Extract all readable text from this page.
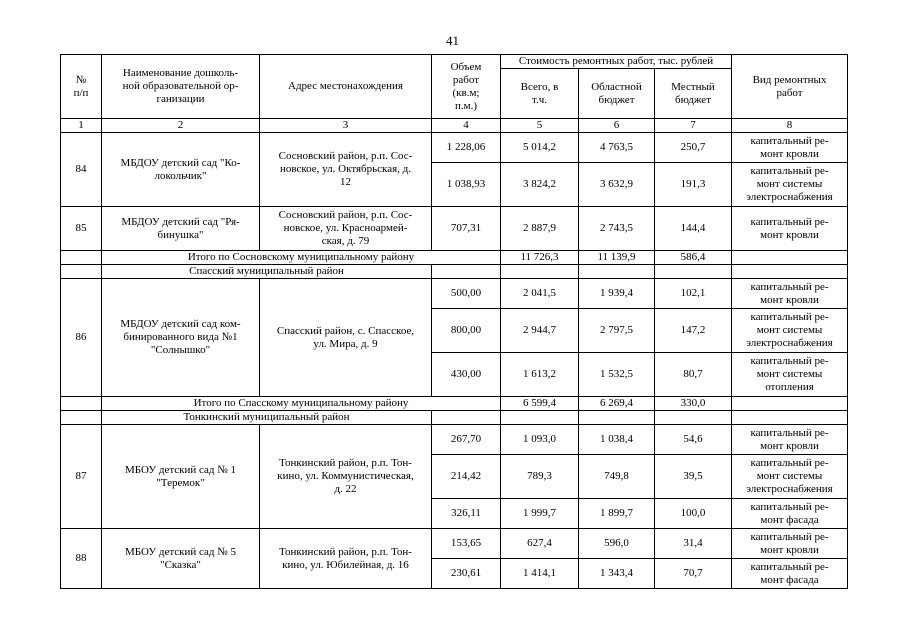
41
№
п/п	Наименование дошколь-
ной образовательной ор-
ганизации	Адрес местонахождения	Объем
работ
(кв.м;
п.м.)	Стоимость ремонтных работ, тыс. рублей			Вид ремонтных
работ
				Всего, в
т.ч.	Областной
бюджет	Местный
бюджет	
1	2	3	4	5	6	7	8
84	МБДОУ детский сад "Ко-
локольчик"	Сосновский район, р.п. Сос-
новское, ул. Октябрьская, д.
12	1 228,06	5 014,2	4 763,5	250,7	капитальный ре-
монт кровли
			1 038,93	3 824,2	3 632,9	191,3	капитальный ре-
монт системы
электроснабжения
85	МБДОУ детский сад "Ря-
бинушка"	Сосновский район, р.п. Сос-
новское, ул. Красноармей-
ская, д. 79	707,31	2 887,9	2 743,5	144,4	капитальный ре-
монт кровли
	Итого по Сосновскому муниципальному району			11 726,3	11 139,9	586,4	
	Спасский муниципальный район						
86	МБДОУ детский сад ком-
бинированного вида №1
"Солнышко"	Спасский район, с. Спасское,
ул. Мира, д. 9	500,00	2 041,5	1 939,4	102,1	капитальный ре-
монт кровли
			800,00	2 944,7	2 797,5	147,2	капитальный ре-
монт системы
электроснабжения
			430,00	1 613,2	1 532,5	80,7	капитальный ре-
монт системы
отопления
	Итого по Спасскому муниципальному району			6 599,4	6 269,4	330,0	
	Тонкинский муниципальный район						
87	МБОУ детский сад № 1
"Теремок"	Тонкинский район, р.п. Тон-
кино, ул. Коммунистическая,
д. 22	267,70	1 093,0	1 038,4	54,6	капитальный ре-
монт кровли
			214,42	789,3	749,8	39,5	капитальный ре-
монт системы
электроснабжения
			326,11	1 999,7	1 899,7	100,0	капитальный ре-
монт фасада
88	МБОУ детский сад № 5
"Сказка"	Тонкинский район, р.п. Тон-
кино, ул. Юбилейная, д. 16	153,65	627,4	596,0	31,4	капитальный ре-
монт кровли
			230,61	1 414,1	1 343,4	70,7	капитальный ре-
монт фасада
